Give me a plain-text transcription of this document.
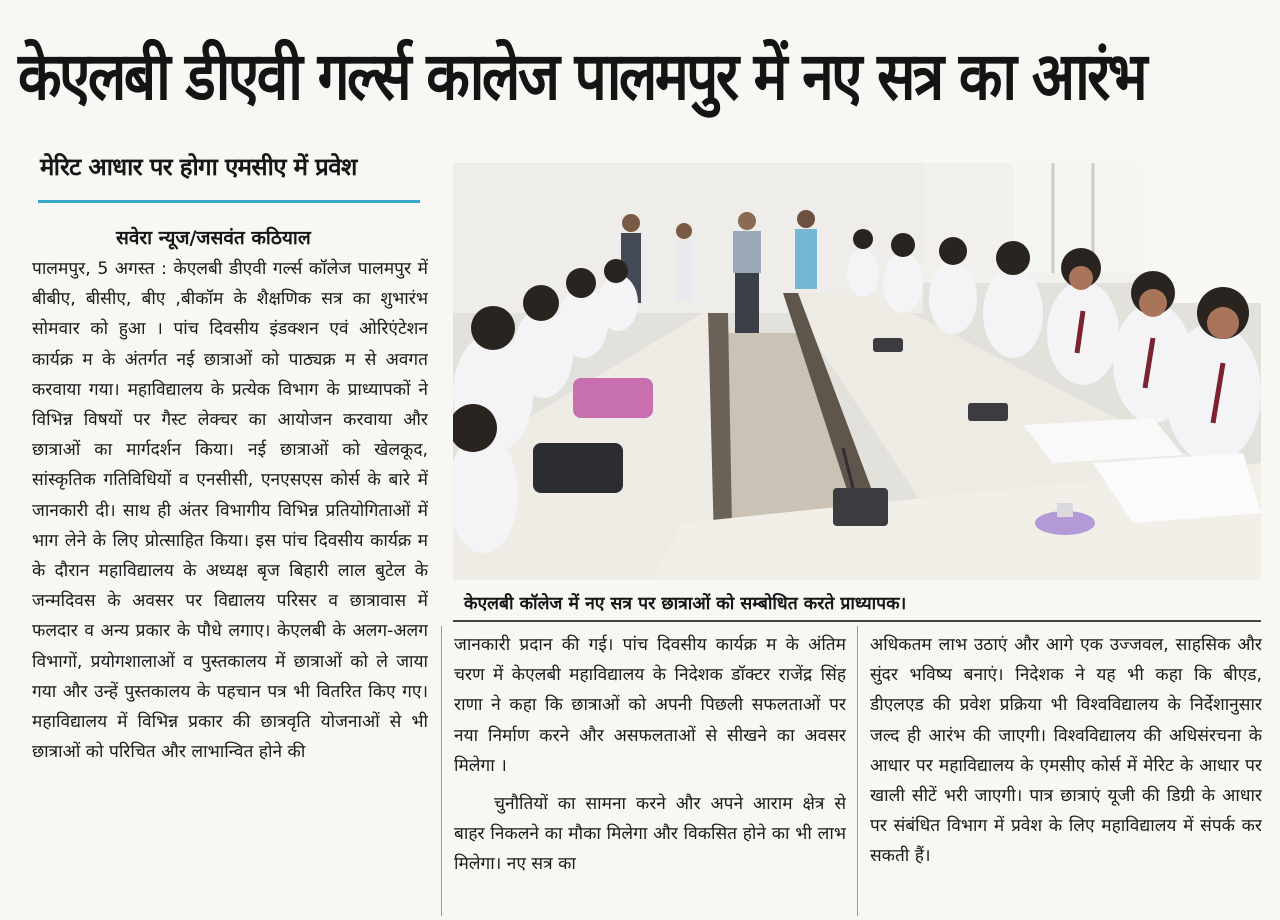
केएलबी डीएवी गर्ल्स कालेज पालमपुर में नए सत्र का आरंभ
मेरिट आधार पर होगा एमसीए में प्रवेश
सवेरा न्यूज/जसवंत कठियाल

पालमपुर, 5 अगस्त : केएलबी डीएवी गर्ल्स कॉलेज पालमपुर में बीबीए, बीसीए, बीए ,बीकॉम के शैक्षणिक सत्र का शुभारंभ सोमवार को हुआ । पांच दिवसीय इंडक्शन एवं ओरिएंटेशन कार्यक्र म के अंतर्गत नई छात्राओं को पाठ्यक्र म से अवगत करवाया गया। महाविद्यालय के प्रत्येक विभाग के प्राध्यापकों ने विभिन्न विषयों पर गैस्ट लेक्चर का आयोजन करवाया और छात्राओं का मार्गदर्शन किया। नई छात्राओं को खेलकूद, सांस्कृतिक गतिविधियों व एनसीसी, एनएसएस कोर्स के बारे में जानकारी दी। साथ ही अंतर विभागीय विभिन्न प्रतियोगिताओं में भाग लेने के लिए प्रोत्साहित किया। इस पांच दिवसीय कार्यक्र म के दौरान महाविद्यालय के अध्यक्ष बृज बिहारी लाल बुटेल के जन्मदिवस के अवसर पर विद्यालय परिसर व छात्रावास में फलदार व अन्य प्रकार के पौधे लगाए। केएलबी के अलग-अलग विभागों, प्रयोगशालाओं व पुस्तकालय में छात्राओं को ले जाया गया और उन्हें पुस्तकालय के पहचान पत्र भी वितरित किए गए। महाविद्यालय में विभिन्न प्रकार की छात्रवृति योजनाओं से भी छात्राओं को परिचित और लाभान्वित होने की

केएलबी कॉलेज में नए सत्र पर छात्राओं को सम्बोधित करते प्राध्यापक।

जानकारी प्रदान की गई। पांच दिवसीय कार्यक्र म के अंतिम चरण में केएलबी महाविद्यालय के निदेशक डॉक्टर राजेंद्र सिंह राणा ने कहा कि छात्राओं को अपनी पिछली सफलताओं पर नया निर्माण करने और असफलताओं से सीखने का अवसर मिलेगा ।

चुनौतियों का सामना करने और अपने आराम क्षेत्र से बाहर निकलने का मौका मिलेगा और विकसित होने का भी लाभ मिलेगा। नए सत्र का

अधिकतम लाभ उठाएं और आगे एक उज्जवल, साहसिक और सुंदर भविष्य बनाएं। निदेशक ने यह भी कहा कि बीएड, डीएलएड की प्रवेश प्रक्रिया भी विश्वविद्यालय के निर्देशानुसार जल्द ही आरंभ की जाएगी। विश्वविद्यालय की अधिसंरचना के आधार पर महाविद्यालय के एमसीए कोर्स में मेरिट के आधार पर खाली सीटें भरी जाएगी। पात्र छात्राएं यूजी की डिग्री के आधार पर संबंधित विभाग में प्रवेश के लिए महाविद्यालय में संपर्क कर सकती हैं।
